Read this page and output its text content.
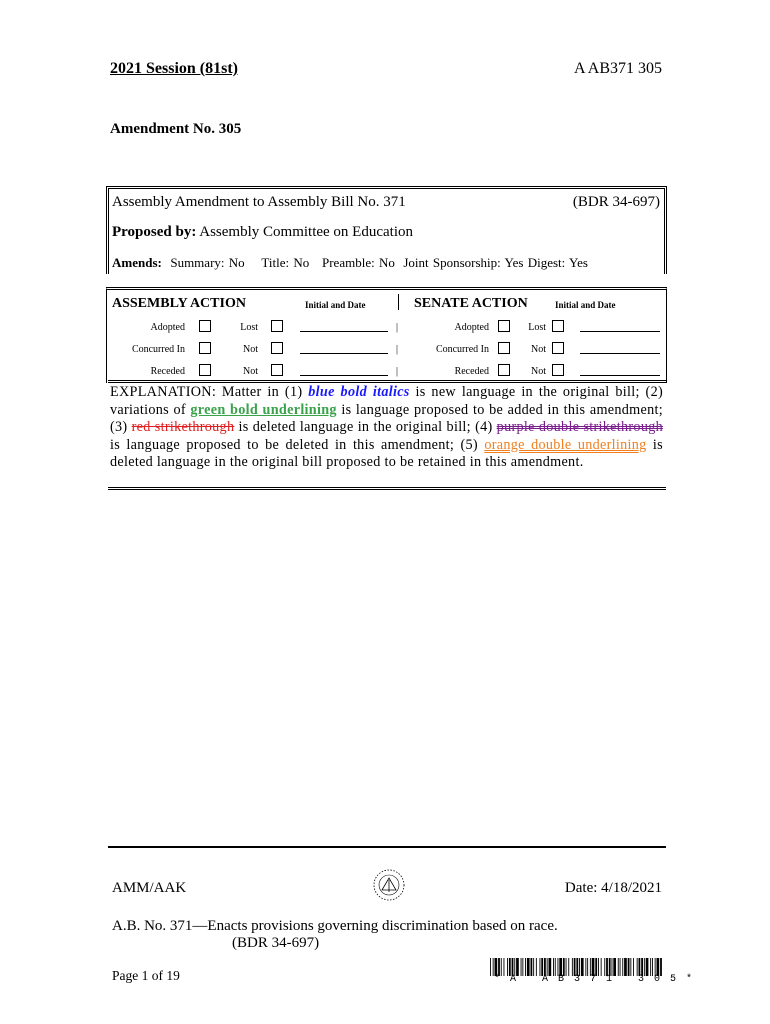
2021 Session (81st)	A AB371 305
Amendment No. 305
Assembly Amendment to Assembly Bill No. 371	(BDR 34-697)
Proposed by: Assembly Committee on Education
Amends: Summary: No    Title: No   Preamble: No  Joint Sponsorship: Yes Digest: Yes
ASSEMBLY ACTION	Initial and Date	SENATE ACTION	Initial and Date
Adopted	Lost	|	Adopted	Lost
Concurred In	Not	|	Concurred In	Not
Receded	Not	|	Receded	Not
EXPLANATION: Matter in (1) blue bold italics is new language in the original bill; (2) variations of green bold underlining is language proposed to be added in this amendment; (3) red strikethrough is deleted language in the original bill; (4) purple double strikethrough is language proposed to be deleted in this amendment; (5) orange double underlining is deleted language in the original bill proposed to be retained in this amendment.
AMM/AAK	Date: 4/18/2021
A.B. No. 371—Enacts provisions governing discrimination based on race.
(BDR 34-697)
Page 1 of 19	*A AB371 305*
